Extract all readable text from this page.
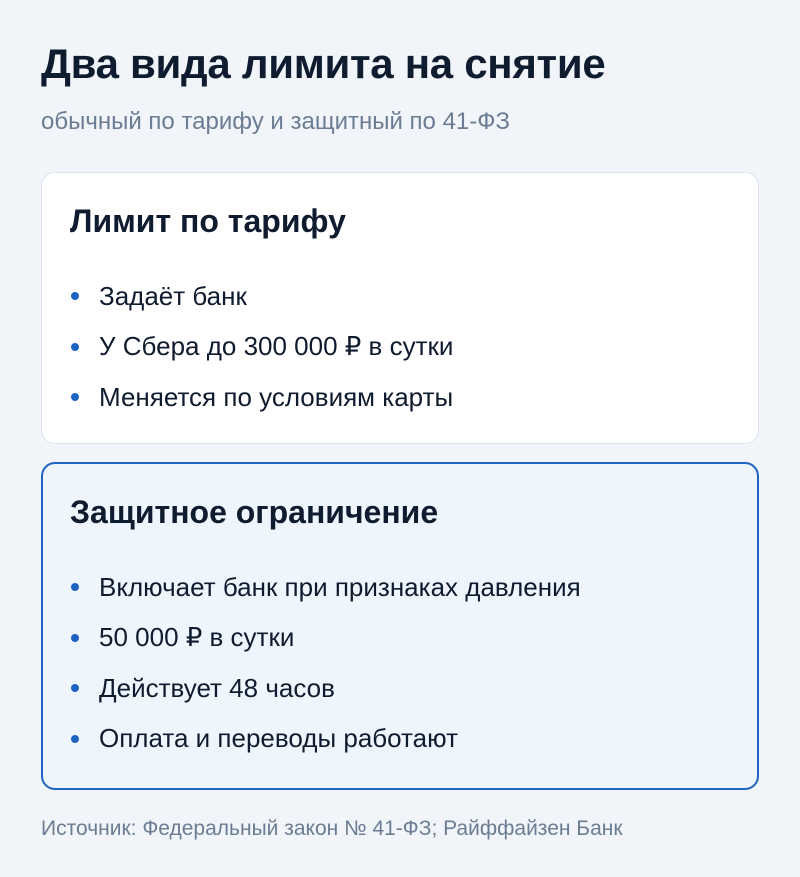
Два вида лимита на снятие
обычный по тарифу и защитный по 41-ФЗ
Лимит по тарифу
Задаёт банк
У Сбера до 300 000 ₽ в сутки
Меняется по условиям карты
Защитное ограничение
Включает банк при признаках давления
50 000 ₽ в сутки
Действует 48 часов
Оплата и переводы работают
Источник: Федеральный закон № 41-ФЗ; Райффайзен Банк
